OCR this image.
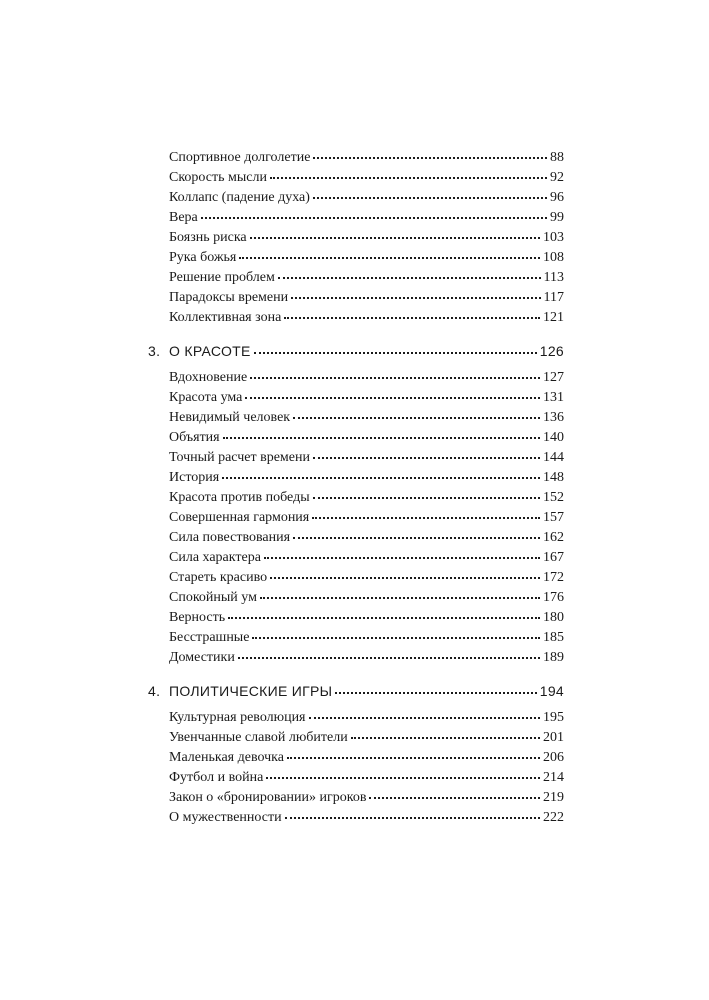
Спортивное долголетие	88
Скорость мысли	92
Коллапс (падение духа)	96
Вера	99
Боязнь риска	103
Рука божья	108
Решение проблем	113
Парадоксы времени	117
Коллективная зона	121
3. О КРАСОТЕ	126
Вдохновение	127
Красота ума	131
Невидимый человек	136
Объятия	140
Точный расчет времени	144
История	148
Красота против победы	152
Совершенная гармония	157
Сила повествования	162
Сила характера	167
Стареть красиво	172
Спокойный ум	176
Верность	180
Бесстрашные	185
Доместики	189
4. ПОЛИТИЧЕСКИЕ ИГРЫ	194
Культурная революция	195
Увенчанные славой любители	201
Маленькая девочка	206
Футбол и война	214
Закон о «бронировании» игроков	219
О мужественности	222
